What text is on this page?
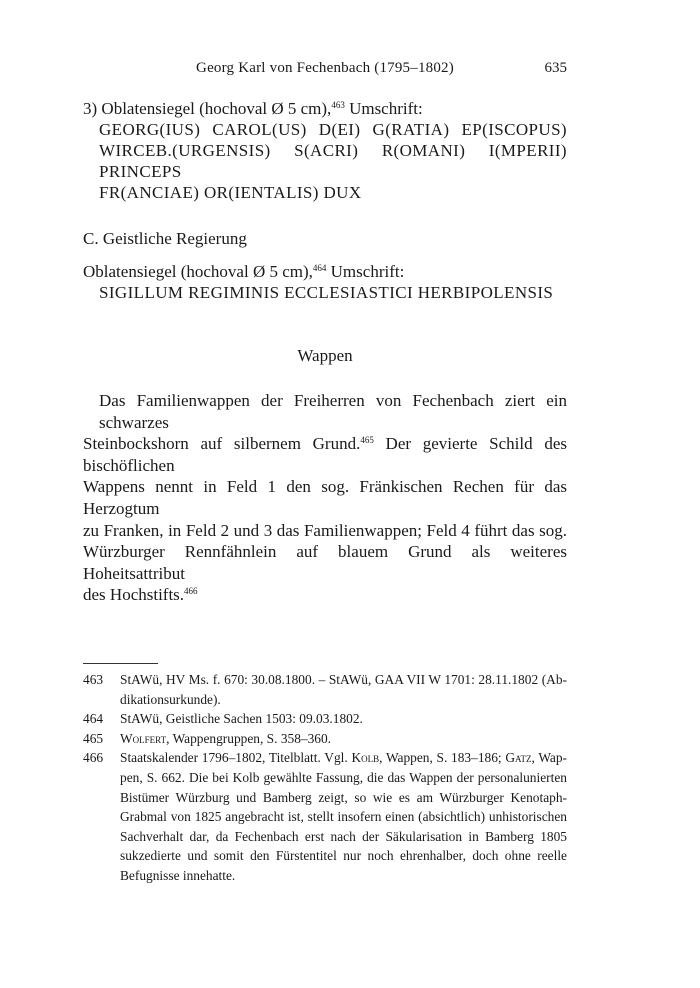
Georg Karl von Fechenbach (1795–1802)	635
3) Oblatensiegel (hochoval Ø 5 cm),$^{463}$ Umschrift:
GEORG(IUS) CAROL(US) D(EI) G(RATIA) EP(ISCOPUS)
WIRCEB.(URGENSIS) S(ACRI) R(OMANI) I(MPERII) PRINCEPS
FR(ANCIAE) OR(IENTALIS) DUX
C. Geistliche Regierung
Oblatensiegel (hochoval Ø 5 cm),$^{464}$ Umschrift:
SIGILLUM REGIMINIS ECCLESIASTICI HERBIPOLENSIS
Wappen
Das Familienwappen der Freiherren von Fechenbach ziert ein schwarzes
Steinbockshorn auf silbernem Grund.$^{465}$ Der gevierte Schild des bischöflichen
Wappens nennt in Feld 1 den sog. Fränkischen Rechen für das Herzogtum
zu Franken, in Feld 2 und 3 das Familienwappen; Feld 4 führt das sog.
Würzburger Rennfähnlein auf blauem Grund als weiteres Hoheitsattribut
des Hochstifts.$^{466}$
463 StAWü, HV Ms. f. 670: 30.08.1800. – StAWü, GAA VII W 1701: 28.11.1802 (Ab-
dikationsurkunde).
464 StAWü, Geistliche Sachen 1503: 09.03.1802.
465 Wolfert, Wappengruppen, S. 358–360.
466 Staatskalender 1796–1802, Titelblatt. Vgl. Kolb, Wappen, S. 183–186; Gatz, Wap-
pen, S. 662. Die bei Kolb gewählte Fassung, die das Wappen der personalunierten
Bistümer Würzburg und Bamberg zeigt, so wie es am Würzburger Kenotaph-
Grabmal von 1825 angebracht ist, stellt insofern einen (absichtlich) unhistorischen
Sachverhalt dar, da Fechenbach erst nach der Säkularisation in Bamberg 1805
sukzedierte und somit den Fürstentitel nur noch ehrenhalber, doch ohne reelle
Befugnisse innehatte.
